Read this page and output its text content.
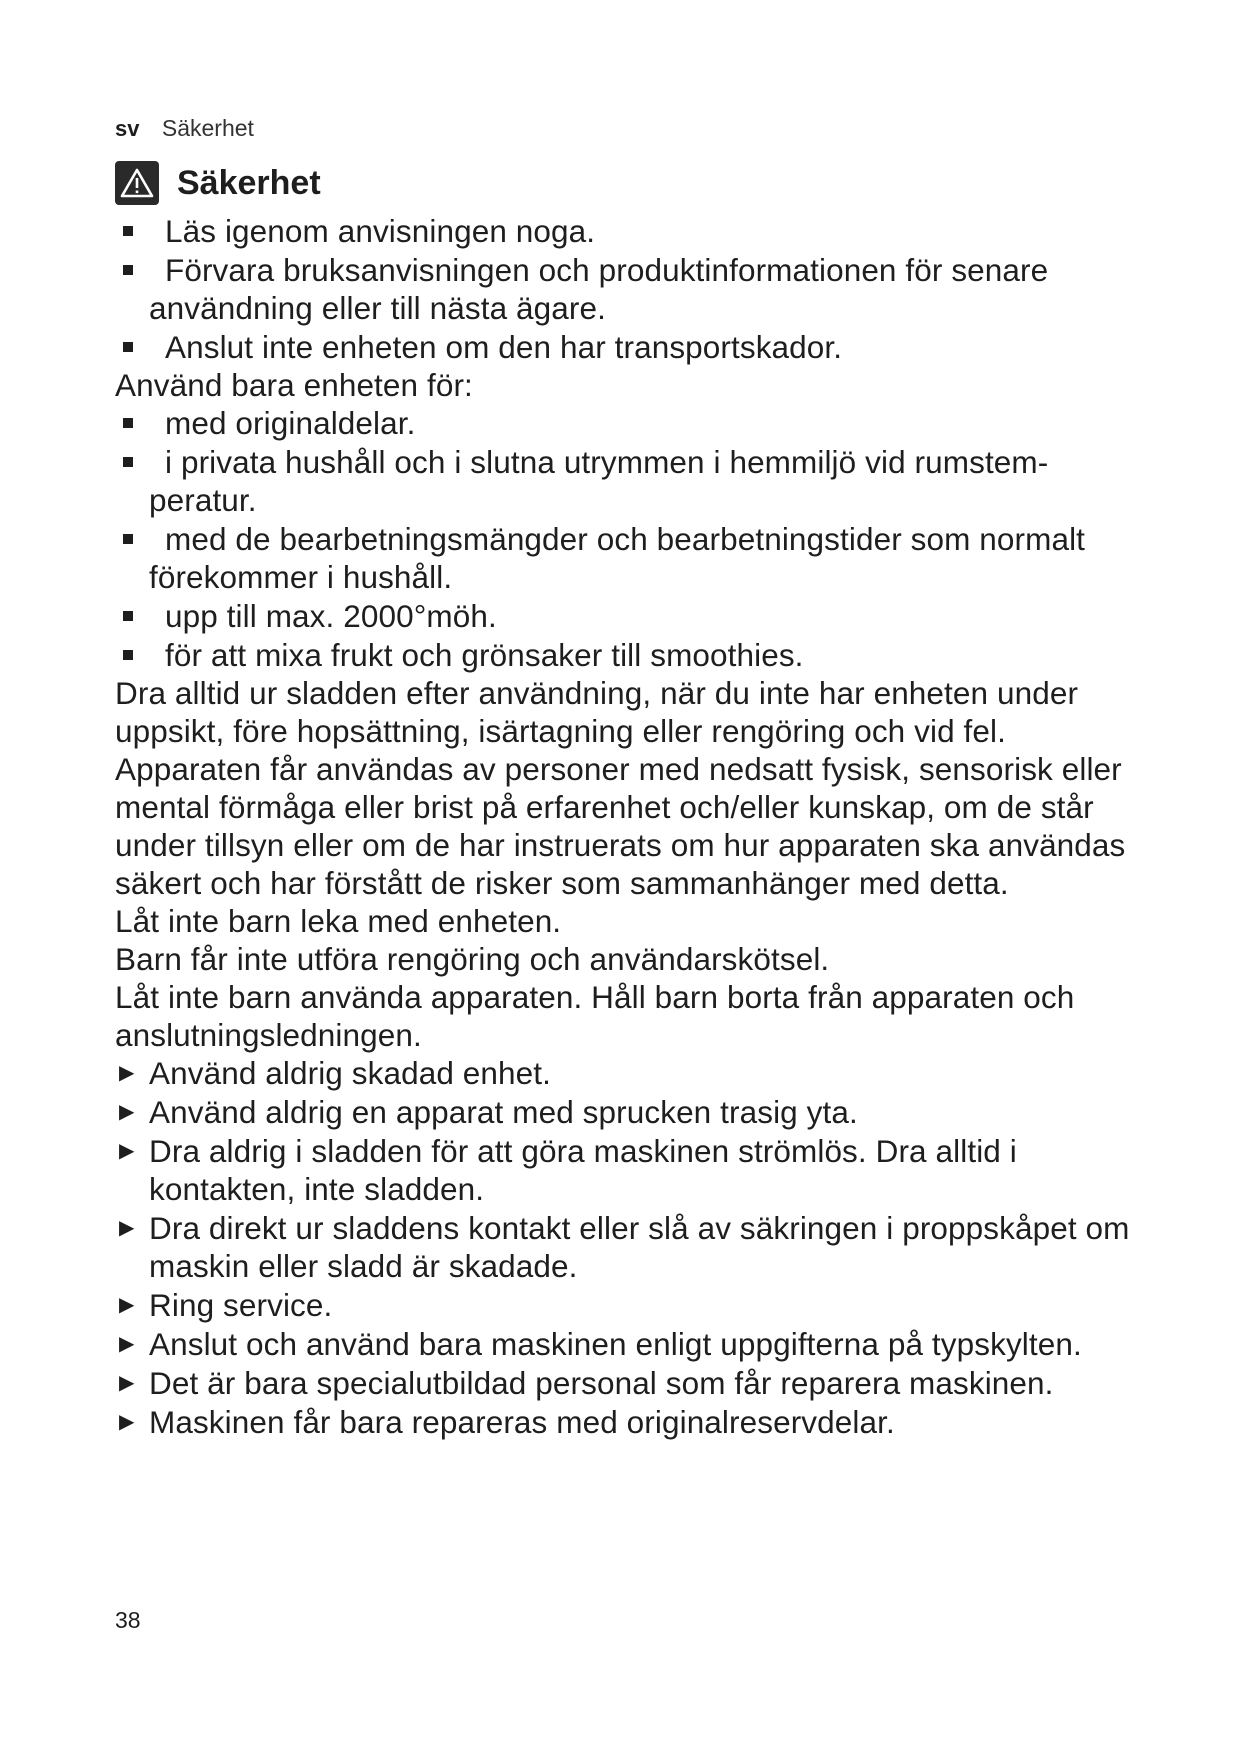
sv Säkerhet
Säkerhet
Läs igenom anvisningen noga.
Förvara bruksanvisningen och produktinformationen för senare användning eller till nästa ägare.
Anslut inte enheten om den har transportskador.

Använd bara enheten för:

med originaldelar.
i privata hushåll och i slutna utrymmen i hemmiljö vid rumstemperatur.
med de bearbetningsmängder och bearbetningstider som normalt förekommer i hushåll.
upp till max. 2000°möh.
för att mixa frukt och grönsaker till smoothies.

Dra alltid ur sladden efter användning, när du inte har enheten under uppsikt, före hopsättning, isärtagning eller rengöring och vid fel.

Apparaten får användas av personer med nedsatt fysisk, sensorisk eller mental förmåga eller brist på erfarenhet och/eller kunskap, om de står under tillsyn eller om de har instruerats om hur apparaten ska användas säkert och har förstått de risker som sammanhänger med detta.

Låt inte barn leka med enheten.

Barn får inte utföra rengöring och användarskötsel.

Låt inte barn använda apparaten. Håll barn borta från apparaten och anslutningsledningen.

▶ Använd aldrig skadad enhet.
▶ Använd aldrig en apparat med sprucken trasig yta.
▶ Dra aldrig i sladden för att göra maskinen strömlös. Dra alltid i kontakten, inte sladden.
▶ Dra direkt ur sladdens kontakt eller slå av säkringen i proppskåpet om maskin eller sladd är skadade.
▶ Ring service.
▶ Anslut och använd bara maskinen enligt uppgifterna på typskylten.
▶ Det är bara specialutbildad personal som får reparera maskinen.
▶ Maskinen får bara repareras med originalreservdelar.
38
